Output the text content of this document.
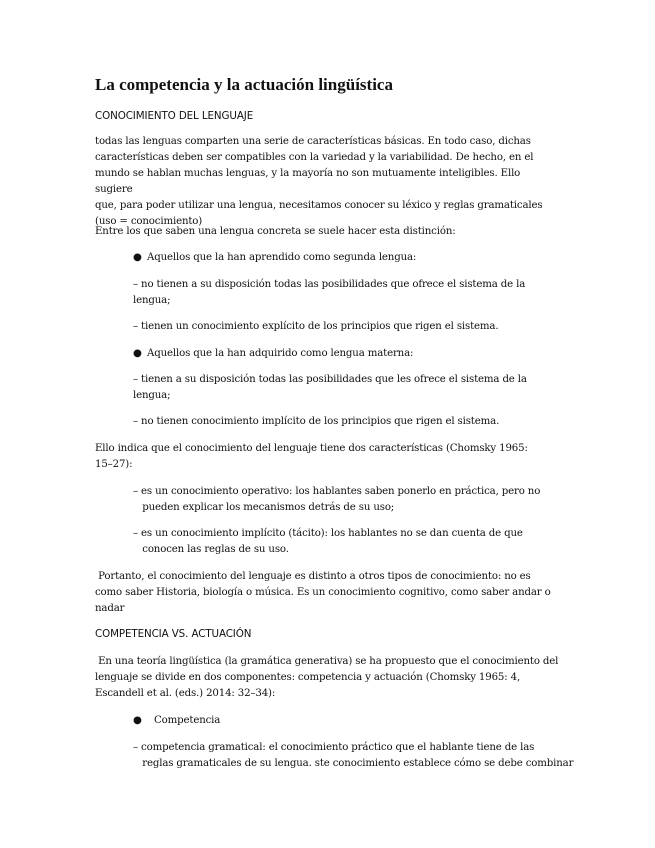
La competencia y la actuación lingüística
CONOCIMIENTO DEL LENGUAJE
todas las lenguas comparten una serie de características básicas. En todo caso, dichas
características deben ser compatibles con la variedad y la variabilidad. De hecho, en el
mundo se hablan muchas lenguas, y la mayoría no son mutuamente inteligibles. Ello sugiere
que, para poder utilizar una lengua, necesitamos conocer su léxico y reglas gramaticales
(uso = conocimiento)
Entre los que saben una lengua concreta se suele hacer esta distinción:
● Aquellos que la han aprendido como segunda lengua:
– no tienen a su disposición todas las posibilidades que ofrece el sistema de la
lengua;
– tienen un conocimiento explícito de los principios que rigen el sistema.
● Aquellos que la han adquirido como lengua materna:
– tienen a su disposición todas las posibilidades que les ofrece el sistema de la
lengua;
– no tienen conocimiento implícito de los principios que rigen el sistema.
Ello indica que el conocimiento del lenguaje tiene dos características (Chomsky 1965:
15–27):
– es un conocimiento operativo: los hablantes saben ponerlo en práctica, pero no
pueden explicar los mecanismos detrás de su uso;
– es un conocimiento implícito (tácito): los hablantes no se dan cuenta de que
conocen las reglas de su uso.
Portanto, el conocimiento del lenguaje es distinto a otros tipos de conocimiento: no es
como saber Historia, biología o música. Es un conocimiento cognitivo, como saber andar o
nadar
COMPETENCIA VS. ACTUACIÓN
En una teoría lingüística (la gramática generativa) se ha propuesto que el conocimiento del
lenguaje se divide en dos componentes: competencia y actuación (Chomsky 1965: 4,
Escandell et al. (eds.) 2014: 32–34):
● Competencia
– competencia gramatical: el conocimiento práctico que el hablante tiene de las
reglas gramaticales de su lengua. ste conocimiento establece cómo se debe combinar
